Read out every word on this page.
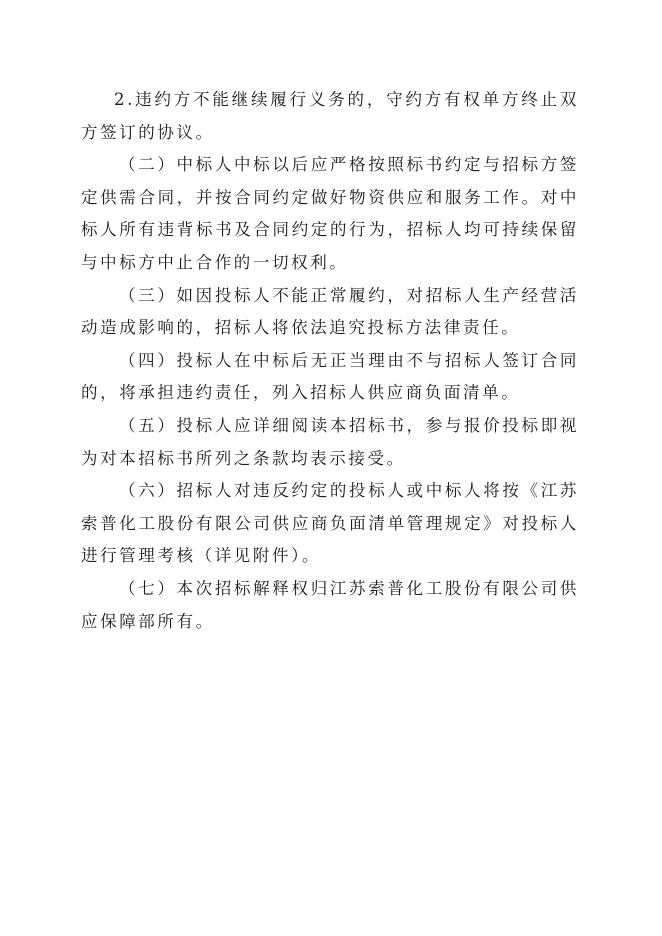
2.违约方不能继续履行义务的，守约方有权单方终止双方签订的协议。

（二）中标人中标以后应严格按照标书约定与招标方签定供需合同，并按合同约定做好物资供应和服务工作。对中标人所有违背标书及合同约定的行为，招标人均可持续保留与中标方中止合作的一切权利。

（三）如因投标人不能正常履约，对招标人生产经营活动造成影响的，招标人将依法追究投标方法律责任。

（四）投标人在中标后无正当理由不与招标人签订合同的，将承担违约责任，列入招标人供应商负面清单。

（五）投标人应详细阅读本招标书，参与报价投标即视为对本招标书所列之条款均表示接受。

（六）招标人对违反约定的投标人或中标人将按《江苏索普化工股份有限公司供应商负面清单管理规定》对投标人进行管理考核（详见附件）。

（七）本次招标解释权归江苏索普化工股份有限公司供应保障部所有。
